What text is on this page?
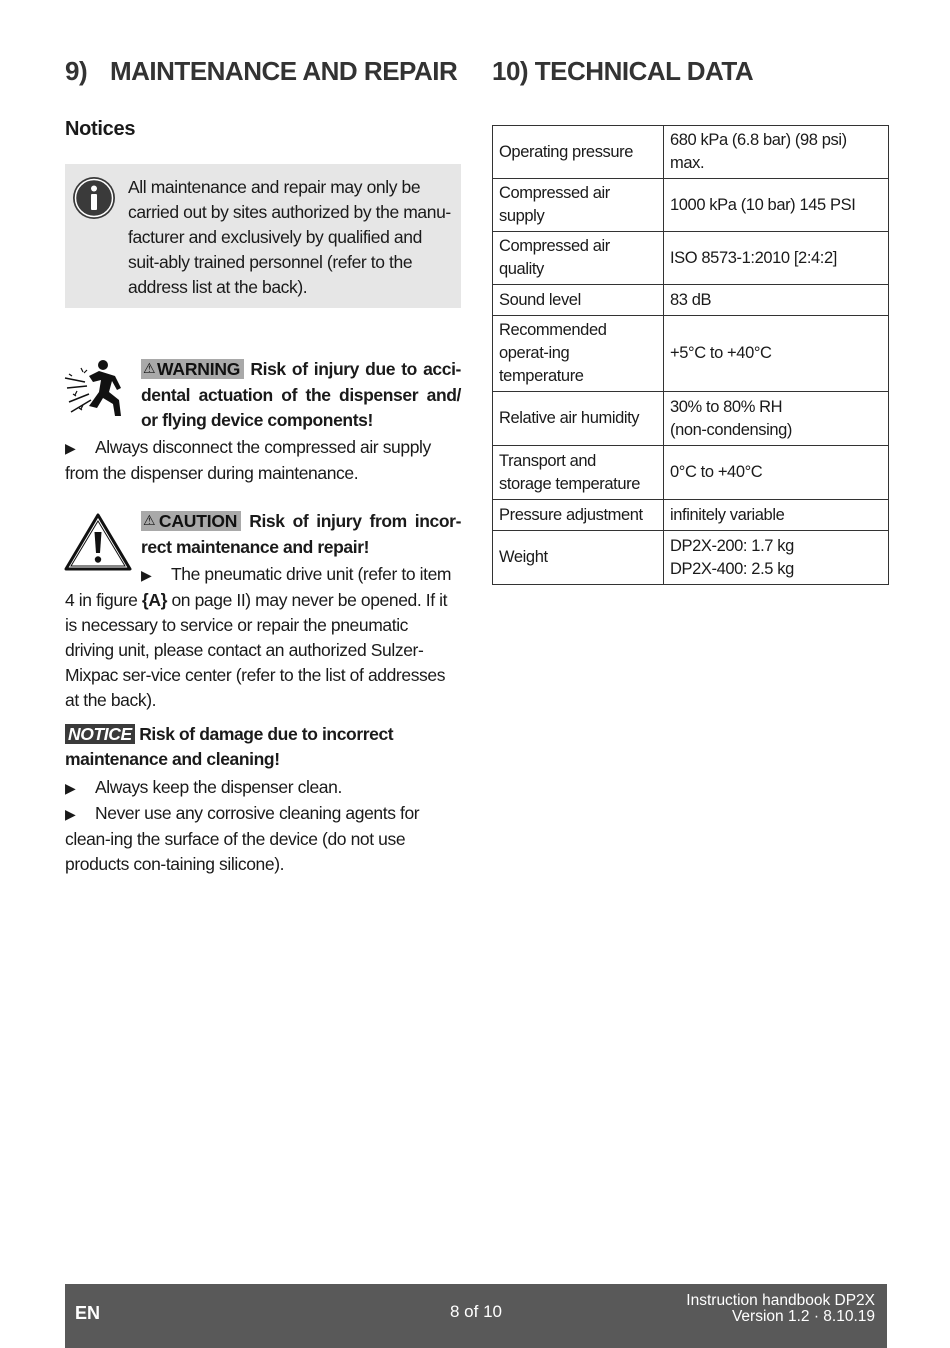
9) MAINTENANCE AND REPAIR 10) TECHNICAL DATA
Notices
All maintenance and repair may only be carried out by sites authorized by the manu-facturer and exclusively by qualified and suit-ably trained personnel (refer to the address list at the back).
⚠WARNING Risk of injury due to acci-dental actuation of the dispenser and/ or flying device components!
▶ Always disconnect the compressed air supply from the dispenser during maintenance.
⚠CAUTION Risk of injury from incor-rect maintenance and repair!
▶ The pneumatic drive unit (refer to item 4 in figure {A} on page II) may never be opened. If it is necessary to service or repair the pneumatic driving unit, please contact an authorized Sulzer-Mixpac ser-vice center (refer to the list of addresses at the back).
NOTICE Risk of damage due to incorrect maintenance and cleaning!
▶ Always keep the dispenser clean.
▶ Never use any corrosive cleaning agents for clean-ing the surface of the device (do not use products con-taining silicone).
Operating pressure	680 kPa (6.8 bar) (98 psi) max.

Compressed air supply	1000 kPa (10 bar) 145 PSI

Compressed air quality	ISO 8573-1:2010 [2:4:2]

Sound level	83 dB

Recommended operat-ing temperature	+5°C to +40°C

Relative air humidity	30% to 80% RH
(non-condensing)

Transport and
storage temperature	0°C to +40°C

Pressure adjustment	infinitely variable

Weight	DP2X-200: 1.7 kg
DP2X-400: 2.5 kg
EN	8 of 10
Instruction handbook DP2X
Version 1.2 · 8.10.19
